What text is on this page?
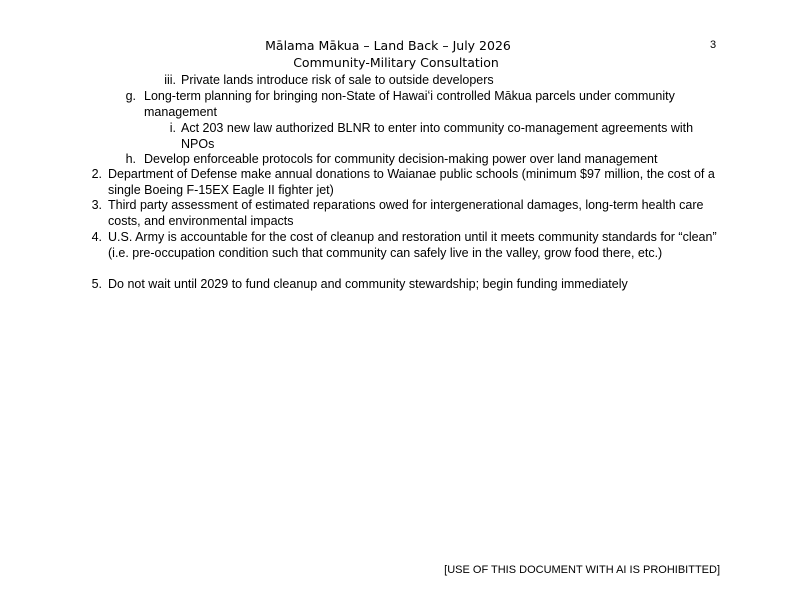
Mālama Mākua – Land Back – July 2026
Community-Military Consultation
3
iii. Private lands introduce risk of sale to outside developers
g. Long-term planning for bringing non-State of Hawaiʻi controlled Mākua parcels under community management
i. Act 203 new law authorized BLNR to enter into community co-management agreements with NPOs
h. Develop enforceable protocols for community decision-making power over land management
2. Department of Defense make annual donations to Waianae public schools (minimum $97 million, the cost of a single Boeing F-15EX Eagle II fighter jet)
3. Third party assessment of estimated reparations owed for intergenerational damages, long-term health care costs, and environmental impacts
4. U.S. Army is accountable for the cost of cleanup and restoration until it meets community standards for “clean” (i.e. pre-occupation condition such that community can safely live in the valley, grow food there, etc.)
5. Do not wait until 2029 to fund cleanup and community stewardship; begin funding immediately
[USE OF THIS DOCUMENT WITH AI IS PROHIBITTED]
